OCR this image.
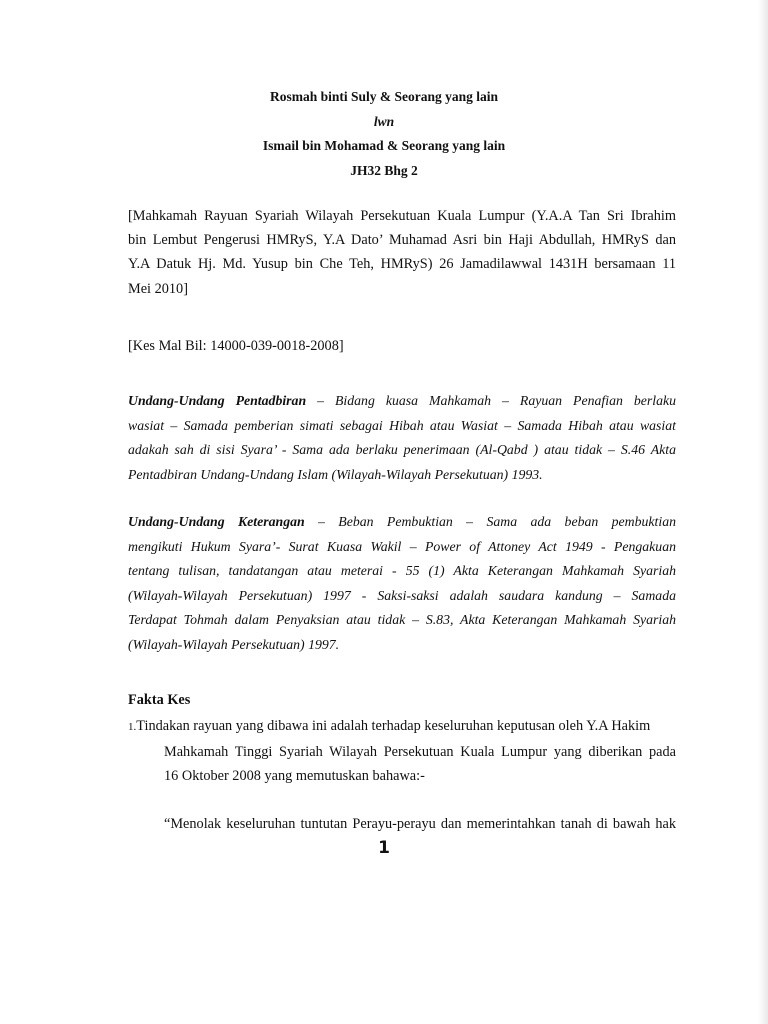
Rosmah binti Suly & Seorang yang lain
lwn
Ismail bin Mohamad & Seorang yang lain
JH32 Bhg 2
[Mahkamah Rayuan Syariah Wilayah Persekutuan Kuala Lumpur (Y.A.A Tan Sri Ibrahim
bin Lembut Pengerusi HMRyS, Y.A Dato’ Muhamad Asri bin Haji Abdullah, HMRyS dan
Y.A Datuk Hj. Md. Yusup bin Che Teh, HMRyS) 26 Jamadilawwal 1431H bersamaan 11
Mei 2010]
[Kes Mal Bil: 14000-039-0018-2008]
Undang-Undang Pentadbiran – Bidang kuasa Mahkamah – Rayuan Penafian berlaku
wasiat – Samada pemberian simati sebagai Hibah atau Wasiat – Samada Hibah atau wasiat
adakah sah di sisi Syara’ - Sama ada berlaku penerimaan (Al-Qabd ) atau tidak – S.46 Akta
Pentadbiran Undang-Undang Islam (Wilayah-Wilayah Persekutuan) 1993.
Undang-Undang Keterangan – Beban Pembuktian – Sama ada beban pembuktian
mengikuti Hukum Syara’- Surat Kuasa Wakil – Power of Attoney Act 1949 - Pengakuan
tentang tulisan, tandatangan atau meterai - 55 (1) Akta Keterangan Mahkamah Syariah
(Wilayah-Wilayah Persekutuan) 1997 - Saksi-saksi adalah saudara kandung – Samada
Terdapat Tohmah dalam Penyaksian atau tidak – S.83, Akta Keterangan Mahkamah Syariah
(Wilayah-Wilayah Persekutuan) 1997.
Fakta Kes
1.Tindakan rayuan yang dibawa ini adalah terhadap keseluruhan keputusan oleh Y.A Hakim
Mahkamah Tinggi Syariah Wilayah Persekutuan Kuala Lumpur yang diberikan pada
16 Oktober 2008 yang memutuskan bahawa:-
“Menolak keseluruhan tuntutan Perayu-perayu dan memerintahkan tanah di bawah hak
1
